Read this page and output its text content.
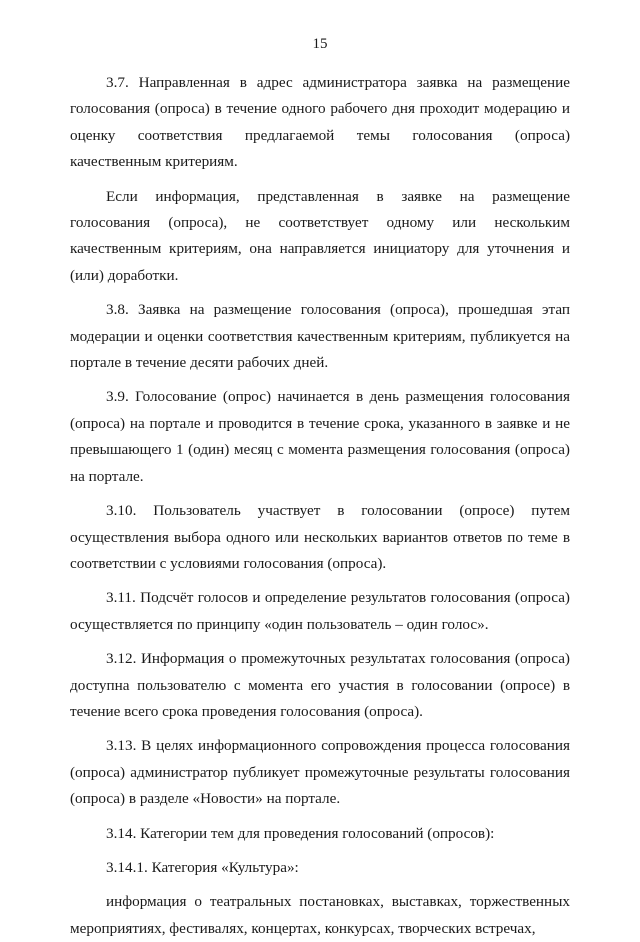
15

3.7. Направленная в адрес администратора заявка на размещение голосования (опроса) в течение одного рабочего дня проходит модерацию и оценку соответствия предлагаемой темы голосования (опроса) качественным критериям.

Если информация, представленная в заявке на размещение голосования (опроса), не соответствует одному или нескольким качественным критериям, она направляется инициатору для уточнения и (или) доработки.

3.8. Заявка на размещение голосования (опроса), прошедшая этап модерации и оценки соответствия качественным критериям, публикуется на портале в течение десяти рабочих дней.

3.9. Голосование (опрос) начинается в день размещения голосования (опроса) на портале и проводится в течение срока, указанного в заявке и не превышающего 1 (один) месяц с момента размещения голосования (опроса) на портале.

3.10. Пользователь участвует в голосовании (опросе) путем осуществления выбора одного или нескольких вариантов ответов по теме в соответствии с условиями голосования (опроса).

3.11. Подсчёт голосов и определение результатов голосования (опроса) осуществляется по принципу «один пользователь – один голос».

3.12. Информация о промежуточных результатах голосования (опроса) доступна пользователю с момента его участия в голосовании (опросе) в течение всего срока проведения голосования (опроса).

3.13. В целях информационного сопровождения процесса голосования (опроса) администратор публикует промежуточные результаты голосования (опроса) в разделе «Новости» на портале.

3.14. Категории тем для проведения голосований (опросов):

3.14.1. Категория «Культура»:

информация о театральных постановках, выставках, торжественных мероприятиях, фестивалях, концертах, конкурсах, творческих встречах,
